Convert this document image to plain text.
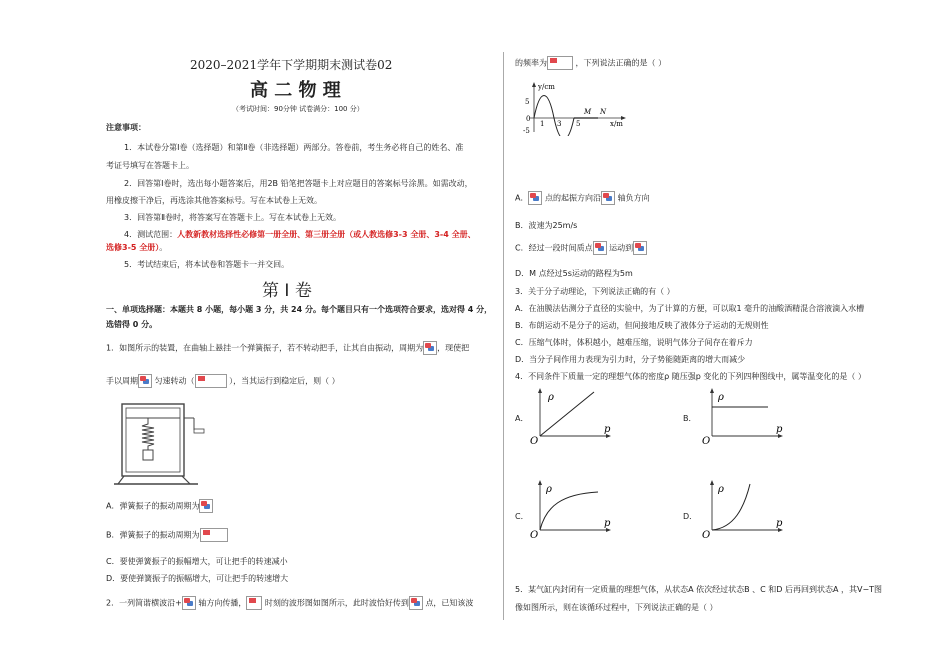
2020–2021学年下学期期末测试卷02
高 二 物 理
（考试时间：90分钟 试卷满分：100 分）
注意事项：
1．本试卷分第Ⅰ卷（选择题）和第Ⅱ卷（非选择题）两部分。答卷前，考生务必将自己的姓名、准
考证号填写在答题卡上。
2．回答第Ⅰ卷时，选出每小题答案后，用2B 铅笔把答题卡上对应题目的答案标号涂黑。如需改动，
用橡皮擦干净后，再选涂其他答案标号。写在本试卷上无效。
3．回答第Ⅱ卷时，将答案写在答题卡上。写在本试卷上无效。
4．测试范围：人教新教材选择性必修第一册全册、第三册全册（或人教选修3-3 全册、3-4 全册、
选修3-5 全册）。
5．考试结束后，将本试卷和答题卡一并交回。
第 Ⅰ 卷
一、单项选择题：本题共 8 小题，每小题 3 分，共 24 分。每个题目只有一个选项符合要求，选对得 4 分，
选错得 0 分。
1．如图所示的装置，在曲轴上悬挂一个弹簧振子，若不转动把手，让其自由振动，周期为 ，现使把
手以周期 匀速转动（	），当其运行到稳定后，则（ ）
A．弹簧振子的振动周期为
B．弹簧振子的振动周期为
C．要使弹簧振子的振幅增大，可让把手的转速减小
D．要使弹簧振子的振幅增大，可让把手的转速增大
2．一列简谐横波沿+ 轴方向传播， 时刻的波形图如图所示，此时波恰好传到 点，已知该波
的频率为	，下列说法正确的是（ ）
y/cm
x/m
5
0
-5
1 3 5
M N
A． 点的起振方向沿 轴负方向
B．波速为25m/s
C．经过一段时间质点 运动到
D．M 点经过5s运动的路程为5m
3．关于分子动理论，下列说法正确的有（ ）
A．在油膜法估测分子直径的实验中，为了计算的方便，可以取1 毫升的油酸酒精混合溶液滴入水槽
B．布朗运动不是分子的运动，但间接地反映了液体分子运动的无规则性
C．压缩气体时，体积越小，越难压缩，说明气体分子间存在着斥力
D．当分子间作用力表现为引力时，分子势能随距离的增大而减少
4．不同条件下质量一定的理想气体的密度ρ 随压强p 变化的下列四种图线中，属等温变化的是（ ）
A．
ρ
p
O
B．
ρ
p
O
C．
ρ
p
O
D．
ρ
p
O
5．某气缸内封闭有一定质量的理想气体，从状态A 依次经过状态B 、C 和D 后再回到状态A ，其V−T图
像如图所示，则在该循环过程中，下列说法正确的是（ ）
